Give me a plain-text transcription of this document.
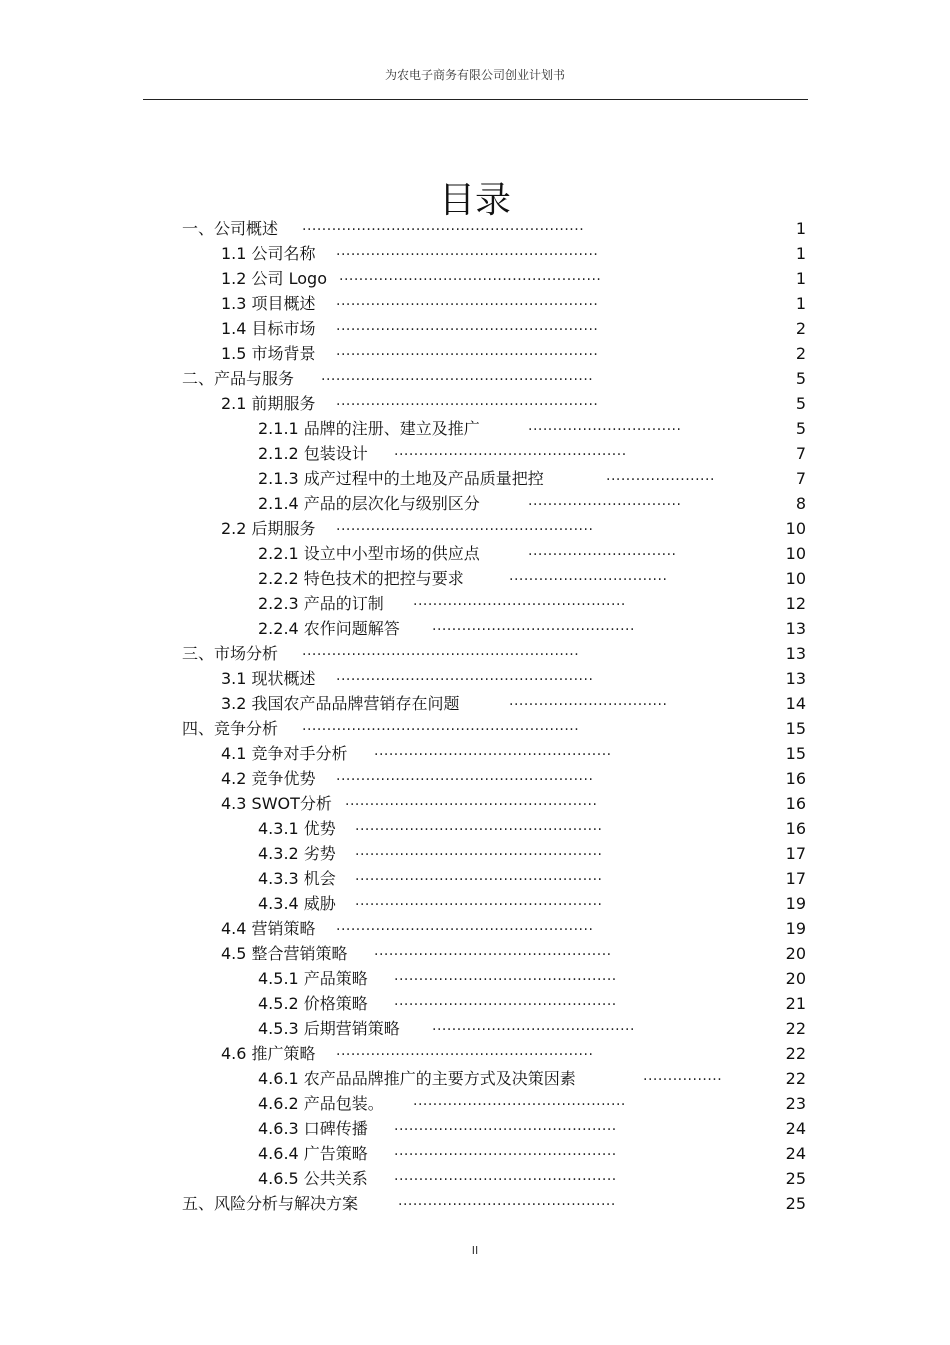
为农电子商务有限公司创业计划书
目录
一、公司概述 .........................................................	1
1.1 公司名称 .....................................................	1
1.2 公司 Logo .....................................................	1
1.3 项目概述 .....................................................	1
1.4 目标市场 .....................................................	2
1.5 市场背景 .....................................................	2
二、产品与服务 .......................................................	5
2.1 前期服务 .....................................................	5
2.1.1 品牌的注册、建立及推广	...............................	5
2.1.2 包装设计 ...............................................	7
2.1.3 成产过程中的土地及产品质量把控	......................	7
2.1.4 产品的层次化与级别区分	...............................	8
2.2 后期服务 ....................................................	10
2.2.1 设立中小型市场的供应点	..............................	10
2.2.2 特色技术的把控与要求	................................	10
2.2.3 产品的订制 ...........................................	12
2.2.4 农作问题解答 .........................................	13
三、市场分析 ........................................................	13
3.1 现状概述 ....................................................	13
3.2 我国农产品品牌营销存在问题	................................	14
四、竞争分析 ........................................................	15
4.1 竞争对手分析 ................................................	15
4.2 竞争优势 ....................................................	16
4.3 SWOT分析 ...................................................	16
4.3.1 优势 ..................................................	16
4.3.2 劣势 ..................................................	17
4.3.3 机会 ..................................................	17
4.3.4 威胁 ..................................................	19
4.4 营销策略 ....................................................	19
4.5 整合营销策略 ................................................	20
4.5.1 产品策略 .............................................	20
4.5.2 价格策略 .............................................	21
4.5.3 后期营销策略 .........................................	22
4.6 推广策略 ....................................................	22
4.6.1 农产品品牌推广的主要方式及决策因素	................	22
4.6.2 产品包装。 ...........................................	23
4.6.3 口碑传播 .............................................	24
4.6.4 广告策略 .............................................	24
4.6.5 公共关系 .............................................	25
五、风险分析与解决方案	............................................	25
II
